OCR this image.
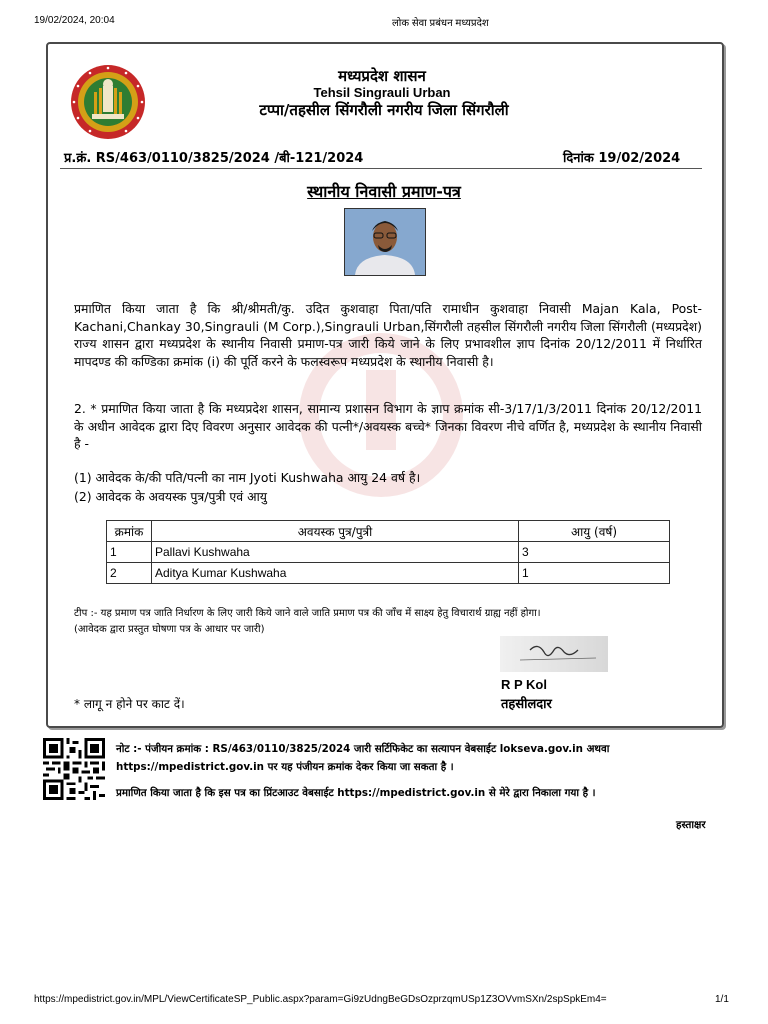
19/02/2024, 20:04	लोक सेवा प्रबंधन मध्यप्रदेश
मध्यप्रदेश शासन
Tehsil Singrauli Urban
टप्पा/तहसील सिंगरौली नगरीय जिला सिंगरौली
प्र.क्रं. RS/463/0110/3825/2024 /बी-121/2024	दिनांक 19/02/2024
स्थानीय निवासी प्रमाण-पत्र
प्रमाणित किया जाता है कि श्री/श्रीमती/कु. उदित कुशवाहा पिता/पति रामाधीन कुशवाहा निवासी Majan Kala, Post- Kachani,Chankay 30,Singrauli (M Corp.),Singrauli Urban,सिंगरौली तहसील सिंगरौली नगरीय जिला सिंगरौली (मध्यप्रदेश) राज्य शासन द्वारा मध्यप्रदेश के स्थानीय निवासी प्रमाण-पत्र जारी किये जाने के लिए प्रभावशील ज्ञाप दिनांक 20/12/2011 में निर्धारित मापदण्ड की कण्डिका क्रमांक (i) की पूर्ति करने के फलस्वरूप मध्यप्रदेश के स्थानीय निवासी है।
2. * प्रमाणित किया जाता है कि मध्यप्रदेश शासन, सामान्य प्रशासन विभाग के ज्ञाप क्रमांक सी-3/17/1/3/2011 दिनांक 20/12/2011 के अधीन आवेदक द्वारा दिए विवरण अनुसार आवेदक की पत्नी*/अवयस्क बच्चे* जिनका विवरण नीचे वर्णित है, मध्यप्रदेश के स्थानीय निवासी है -
(1) आवेदक के/की पति/पत्नी का नाम Jyoti Kushwaha आयु 24 वर्ष है।
(2) आवेदक के अवयस्क पुत्र/पुत्री एवं आयु
क्रमांक	अवयस्क पुत्र/पुत्री	आयु (वर्ष)
1	Pallavi Kushwaha	3
2	Aditya Kumar Kushwaha	1
टीप :- यह प्रमाण पत्र जाति निर्धारण के लिए जारी किये जाने वाले जाति प्रमाण पत्र की जाँच में साक्ष्य हेतु विचारार्थ ग्राह्य नहीं होगा।
(आवेदक द्वारा प्रस्तुत घोषणा पत्र के आधार पर जारी)
R P Kol
तहसीलदार
* लागू न होने पर काट दें।
नोट :- पंजीयन क्रमांक : RS/463/0110/3825/2024 जारी सर्टिफिकेट का सत्यापन वेबसाईट lokseva.gov.in अथवा https://mpedistrict.gov.in पर यह पंजीयन क्रमांक देकर किया जा सकता है ।
प्रमाणित किया जाता है कि इस पत्र का प्रिंटआउट वेबसाईट https://mpedistrict.gov.in से मेरे द्वारा निकाला गया है ।
हस्ताक्षर
https://mpedistrict.gov.in/MPL/ViewCertificateSP_Public.aspx?param=Gi9zUdngBeGDsOzprzqmUSp1Z3OVvmSXn/2spSpkEm4=	1/1
